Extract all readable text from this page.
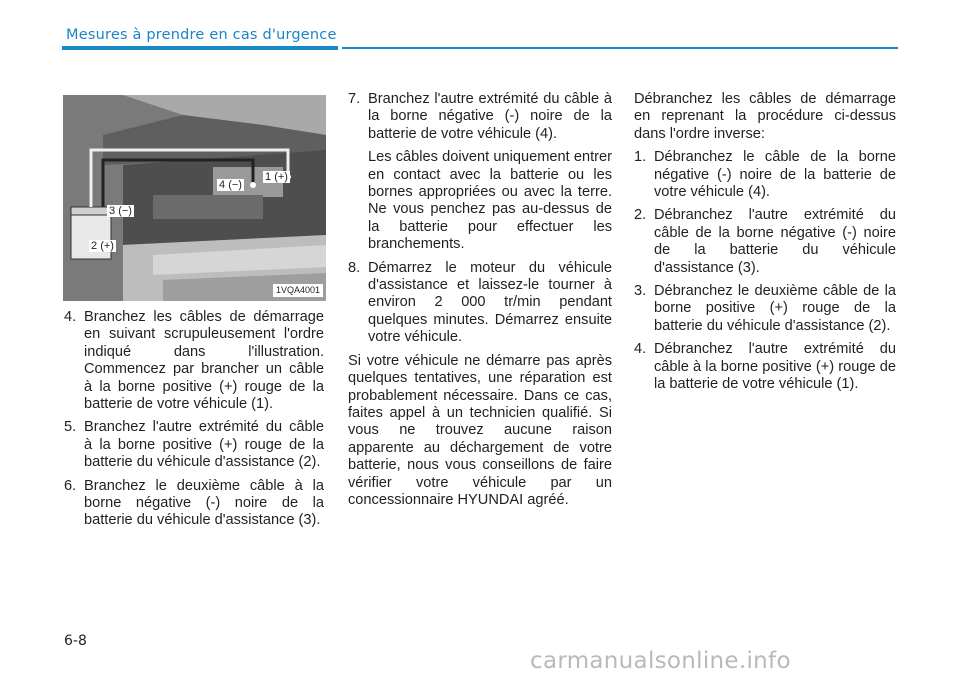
Mesures à prendre en cas d'urgence
1 (+)
4 (−)
3 (−)
2 (+)
1VQA4001
4. Branchez les câbles de démarrage en suivant scrupuleusement l'ordre indiqué dans l'illustration. Commencez par brancher un câble à la borne positive (+) rouge de la batterie de votre véhicule (1).
5. Branchez l'autre extrémité du câble à la borne positive (+) rouge de la batterie du véhicule d'assistance (2).
6. Branchez le deuxième câble à la borne négative (-) noire de la batterie du véhicule d'assistance (3).
7. Branchez l'autre extrémité du câble à la borne négative (-) noire de la batterie de votre véhicule (4).

Les câbles doivent uniquement entrer en contact avec la batterie ou les bornes appropriées ou avec la terre. Ne vous penchez pas au-dessus de la batterie pour effectuer les branchements.

8. Démarrez le moteur du véhicule d'assistance et laissez-le tourner à environ 2 000 tr/min pendant quelques minutes. Démarrez ensuite votre véhicule.

Si votre véhicule ne démarre pas après quelques tentatives, une réparation est probablement nécessaire. Dans ce cas, faites appel à un technicien qualifié. Si vous ne trouvez aucune raison apparente au déchargement de votre batterie, nous vous conseillons de faire vérifier votre véhicule par un concessionnaire HYUNDAI agréé.

Débranchez les câbles de démarrage en reprenant la procédure ci-dessus dans l'ordre inverse:

1. Débranchez le câble de la borne négative (-) noire de la batterie de votre véhicule (4).
2. Débranchez l'autre extrémité du câble de la borne négative (-) noire de la batterie du véhicule d'assistance (3).
3. Débranchez le deuxième câble de la borne positive (+) rouge de la batterie du véhicule d'assistance (2).
4. Débranchez l'autre extrémité du câble à la borne positive (+) rouge de la batterie de votre véhicule (1).
6-8
carmanualsonline.info
